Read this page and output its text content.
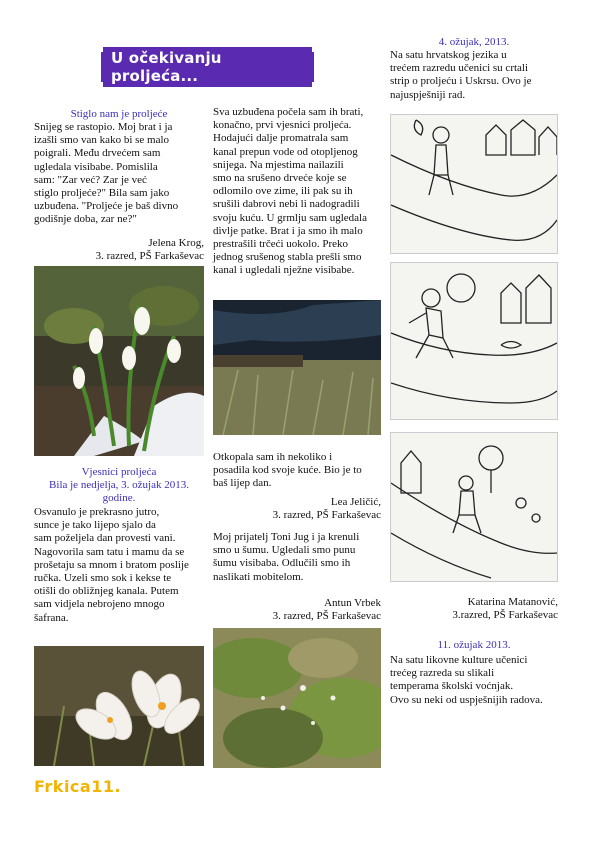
U očekivanju proljeća...
Stiglo nam je proljeće
Snijeg se rastopio. Moj brat i ja
izašli smo van kako bi se malo
poigrali. Među drvećem sam
ugledala visibabe. Pomislila
sam: "Zar već? Zar je već
stiglo proljeće?" Bila sam jako
uzbuđena. "Proljeće je baš divno
godišnje doba, zar ne?"
Jelena Krog,
3. razred, PŠ Farkaševac
Vjesnici proljeća
Bila je nedjelja, 3. ožujak 2013.
godine.
Osvanulo je prekrasno jutro,
sunce je tako lijepo sjalo da
sam poželjela dan provesti vani.
Nagovorila sam tatu i mamu da se
prošetaju sa mnom i bratom poslije
ručka. Uzeli smo sok i kekse te
otišli do obližnjeg kanala. Putem
sam vidjela nebrojeno mnogo
šafrana.
Sva uzbuđena počela sam ih brati,
konačno, prvi vjesnici proljeća.
Hodajući dalje promatrala sam
kanal prepun vode od otopljenog
snijega. Na mjestima nailazili
smo na srušeno drveće koje se
odlomilo ove zime, ili pak su ih
srušili dabrovi nebi li nadogradili
svoju kuću. U grmlju sam ugledala
divlje patke. Brat i ja smo ih malo
prestrašili trčeći uokolo. Preko
jednog srušenog stabla prešli smo
kanal i ugledali nježne visibabe.
Otkopala sam ih nekoliko i
posadila kod svoje kuće. Bio je to
baš lijep dan.
Lea Jeličić,
3. razred, PŠ Farkaševac
Moj prijatelj Toni Jug i ja krenuli
smo u šumu. Ugledali smo punu
šumu visibaba. Odlučili smo ih
naslikati mobitelom.
Antun Vrbek
3. razred, PŠ Farkaševac
4. ožujak, 2013.
Na satu hrvatskog jezika u
trećem razredu učenici su crtali
strip o proljeću i Uskrsu. Ovo je
najuspješniji rad.
Katarina Matanović,
3.razred, PŠ Farkaševac
11. ožujak 2013.
Na satu likovne kulture učenici
trećeg razreda su slikali
temperama školski voćnjak.
Ovo su neki od uspješnijih radova.
Frkica11.
